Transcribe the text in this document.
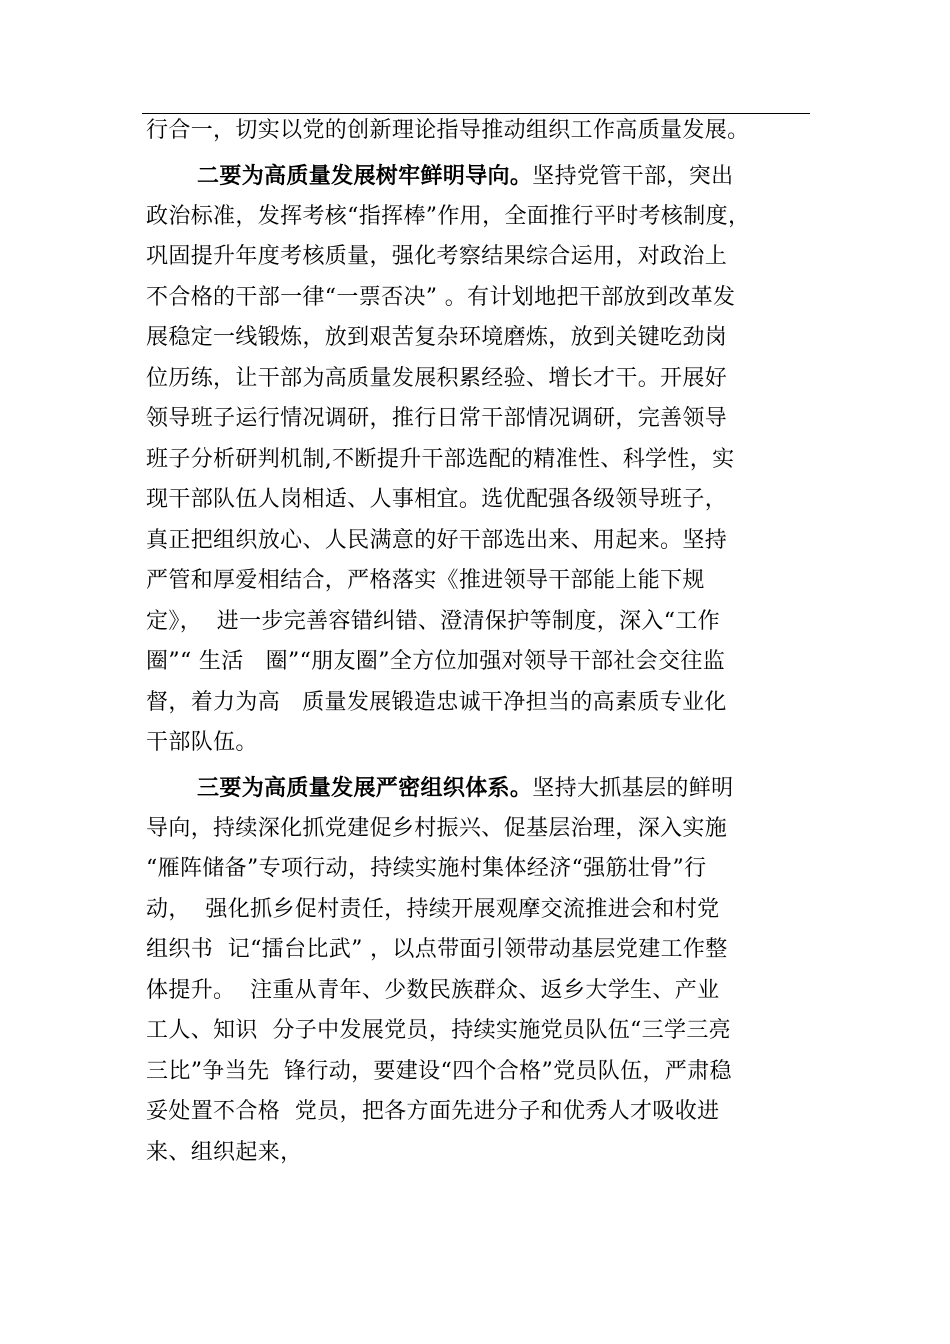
行合一，切实以党的创新理论指导推动组织工作高质量发展。
二要为高质量发展树牢鲜明导向。坚持党管干部，突出
政治标准，发挥考核“指挥棒”作用，全面推行平时考核制度，
巩固提升年度考核质量，强化考察结果综合运用，对政治上
不合格的干部一律“一票否决” 。有计划地把干部放到改革发
展稳定一线锻炼，放到艰苦复杂环境磨炼，放到关键吃劲岗
位历练，让干部为高质量发展积累经验、增长才干。开展好
领导班子运行情况调研，推行日常干部情况调研，完善领导
班子分析研判机制,不断提升干部选配的精准性、科学性，实
现干部队伍人岗相适、人事相宜。选优配强各级领导班子，
真正把组织放心、人民满意的好干部选出来、用起来。坚持
严管和厚爱相结合，严格落实《推进领导干部能上能下规
定》，  进一步完善容错纠错、澄清保护等制度，深入“工作
圈”“ 生活   圈”“朋友圈”全方位加强对领导干部社会交往监
督，着力为高   质量发展锻造忠诚干净担当的高素质专业化
干部队伍。
三要为高质量发展严密组织体系。坚持大抓基层的鲜明
导向，持续深化抓党建促乡村振兴、促基层治理，深入实施
“雁阵储备”专项行动，持续实施村集体经济“强筋壮骨”行
动，  强化抓乡促村责任，持续开展观摩交流推进会和村党
组织书  记“擂台比武” ，以点带面引领带动基层党建工作整
体提升。  注重从青年、少数民族群众、返乡大学生、产业
工人、知识  分子中发展党员，持续实施党员队伍“三学三亮
三比”争当先  锋行动，要建设“四个合格”党员队伍，严肃稳
妥处置不合格  党员，把各方面先进分子和优秀人才吸收进
来、组织起来，
